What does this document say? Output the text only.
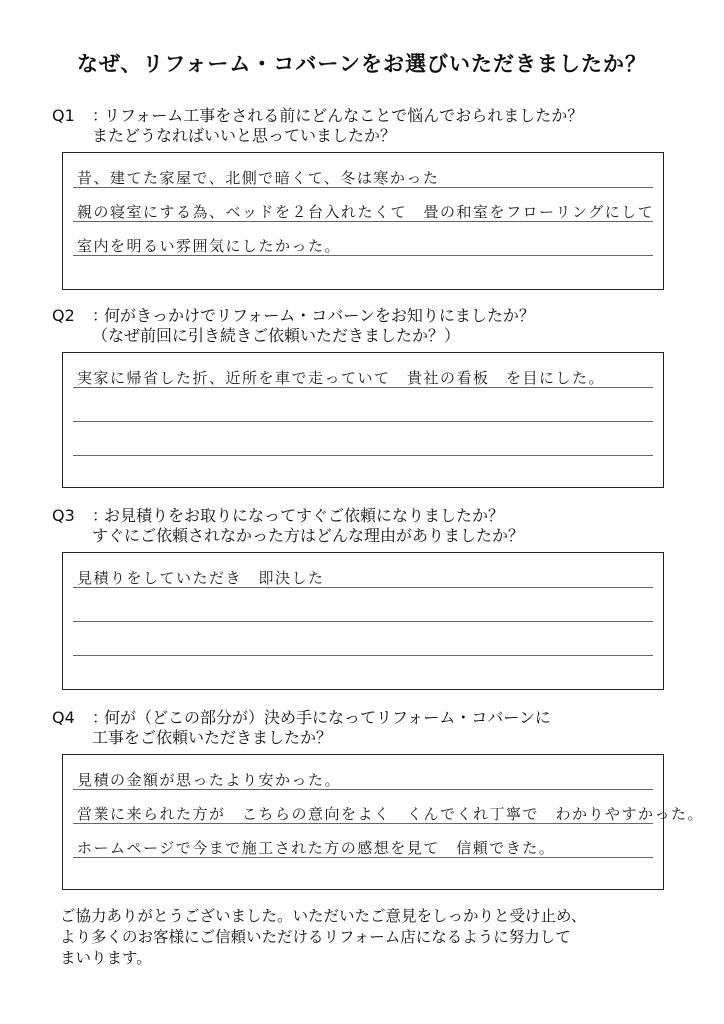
なぜ、リフォーム・コバーンをお選びいただきましたか？
Q1 ：リフォーム工事をされる前にどんなことで悩んでおられましたか？
またどうなればいいと思っていましたか？
昔、建てた家屋で、北側で暗くて、冬は寒かった
親の寝室にする為、ベッドを２台入れたくて　畳の和室をフローリングにして
室内を明るい雰囲気にしたかった。
Q2 ：何がきっかけでリフォーム・コバーンをお知りにましたか？
（なぜ前回に引き続きご依頼いただきましたか？）
実家に帰省した折、近所を車で走っていて　貴社の看板　を目にした。
Q3 ：お見積りをお取りになってすぐご依頼になりましたか？
すぐにご依頼されなかった方はどんな理由がありましたか？
見積りをしていただき　即決した
Q4 ：何が（どこの部分が）決め手になってリフォーム・コバーンに
工事をご依頼いただきましたか？
見積の金額が思ったより安かった。
営業に来られた方が　こちらの意向をよく　くんでくれ丁寧で　わかりやすかった。
ホームページで今まで施工された方の感想を見て　信頼できた。
ご協力ありがとうございました。いただいたご意見をしっかりと受け止め、
より多くのお客様にご信頼いただけるリフォーム店になるように努力して
まいります。
